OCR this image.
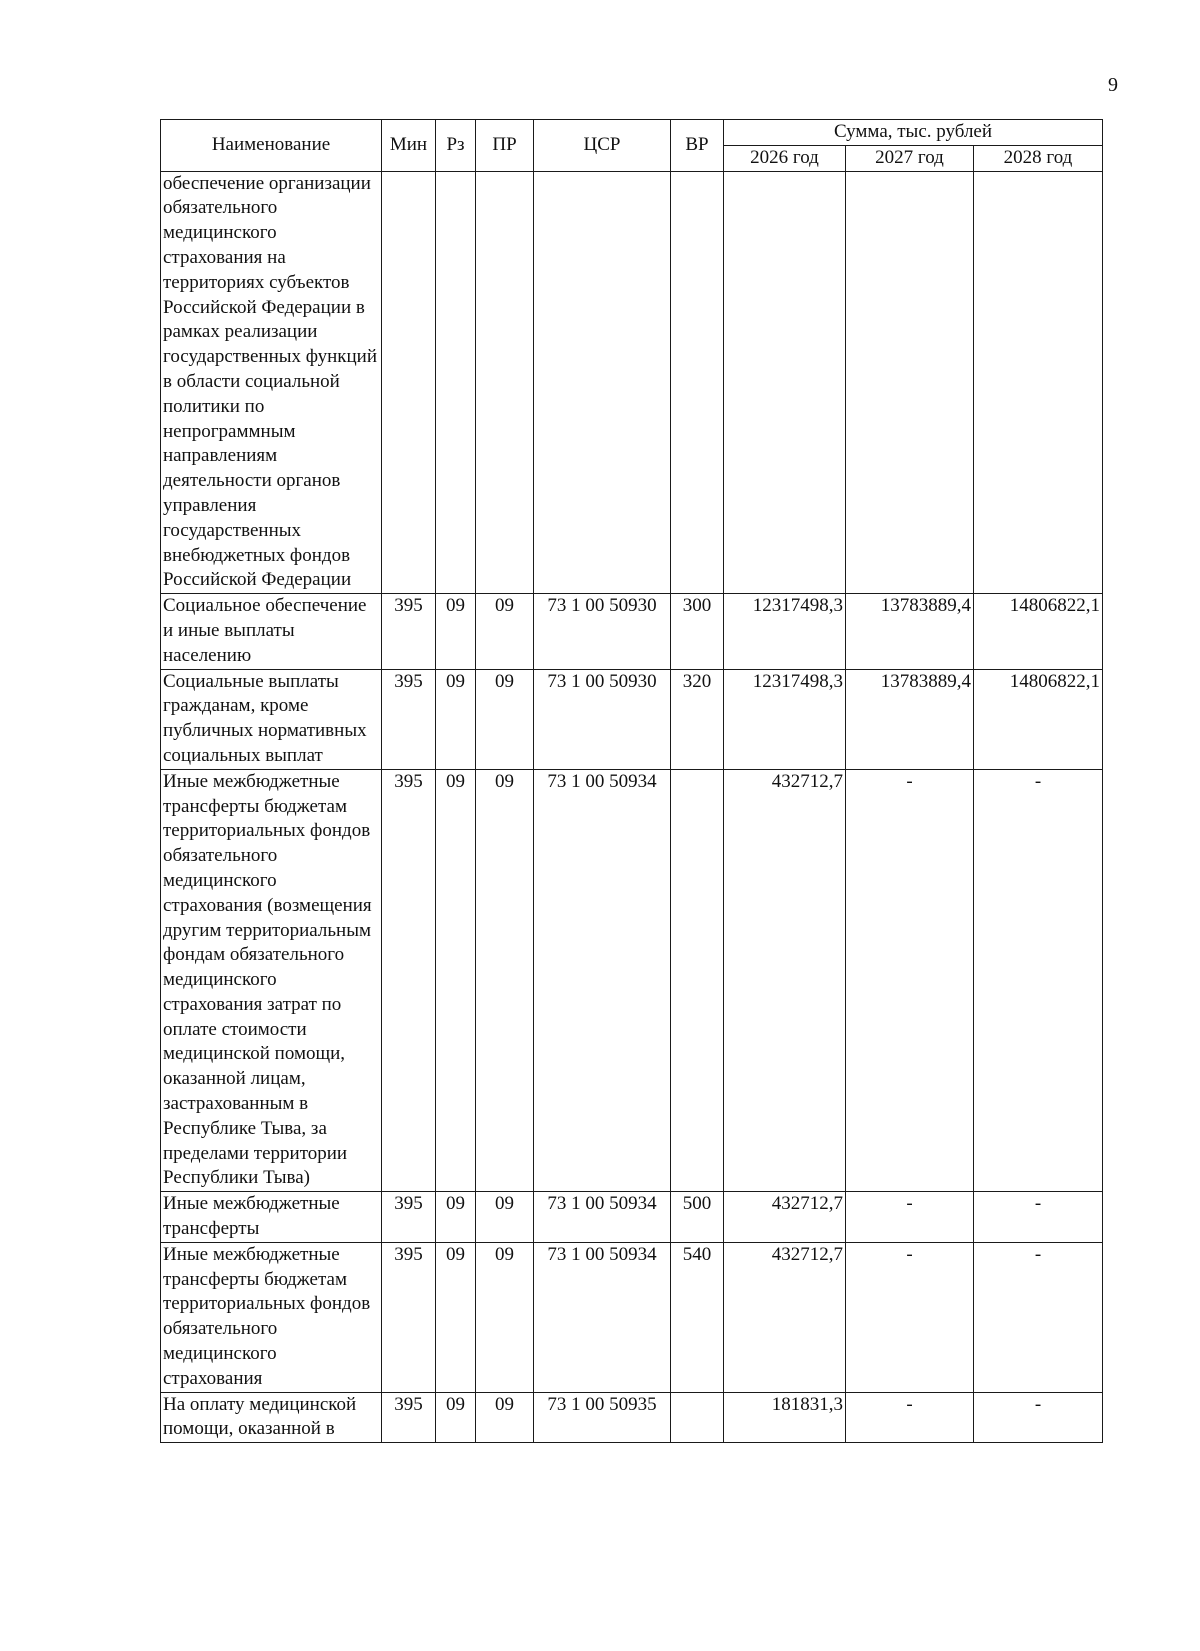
9
Наименование	Мин	Рз	ПР	ЦСР	ВР	Сумма, тыс. рублей		
						2026 год	2027 год	2028 год
обеспечение организации обязательного медицинского страхования на территориях субъектов Российской Федерации в рамках реализации государственных функций в области социальной политики по непрограммным направлениям деятельности органов управления государственных внебюджетных фондов Российской Федерации								
Социальное обеспечение и иные выплаты населению	395	09	09	73 1 00 50930	300	12317498,3	13783889,4	14806822,1
Социальные выплаты гражданам, кроме публичных нормативных социальных выплат	395	09	09	73 1 00 50930	320	12317498,3	13783889,4	14806822,1
Иные межбюджетные трансферты бюджетам территориальных фондов обязательного медицинского страхования (возмещения другим территориальным фондам обязательного медицинского страхования затрат по оплате стоимости медицинской помощи, оказанной лицам, застрахованным в Республике Тыва, за пределами территории Республики Тыва)	395	09	09	73 1 00 50934		432712,7	-	-
Иные межбюджетные трансферты	395	09	09	73 1 00 50934	500	432712,7	-	-
Иные межбюджетные трансферты бюджетам территориальных фондов обязательного медицинского страхования	395	09	09	73 1 00 50934	540	432712,7	-	-
На оплату медицинской помощи, оказанной в	395	09	09	73 1 00 50935		181831,3	-	-
